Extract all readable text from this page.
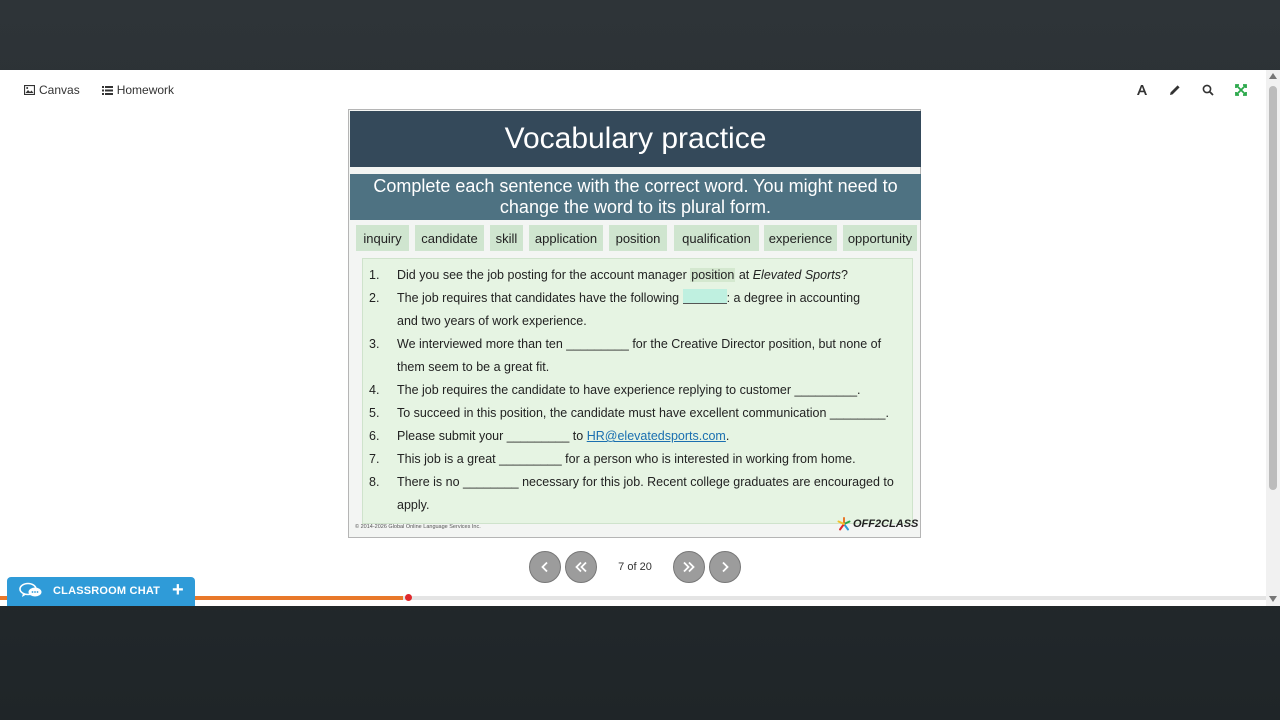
Canvas	Homework
Vocabulary practice
Complete each sentence with the correct word. You might need to change the word to its plural form.
inquiry	candidate	skill	application	position	qualification	experience	opportunity
1.	Did you see the job posting for the account manager position at Elevated Sports?
2.	The job requires that candidates have the following	: a degree in accounting
and two years of work experience.
3.	We interviewed more than ten _________ for the Creative Director position, but none of
them seem to be a great fit.
4.	The job requires the candidate to have experience replying to customer _________.
5.	To succeed in this position, the candidate must have excellent communication ________.
6.	Please submit your _________ to HR@elevatedsports.com.
7.	This job is a great _________ for a person who is interested in working from home.
8.	There is no ________ necessary for this job. Recent college graduates are encouraged to
apply.
© 2014-2026 Global Online Language Services Inc.	OFF2CLASS
7 of 20
CLASSROOM CHAT +
